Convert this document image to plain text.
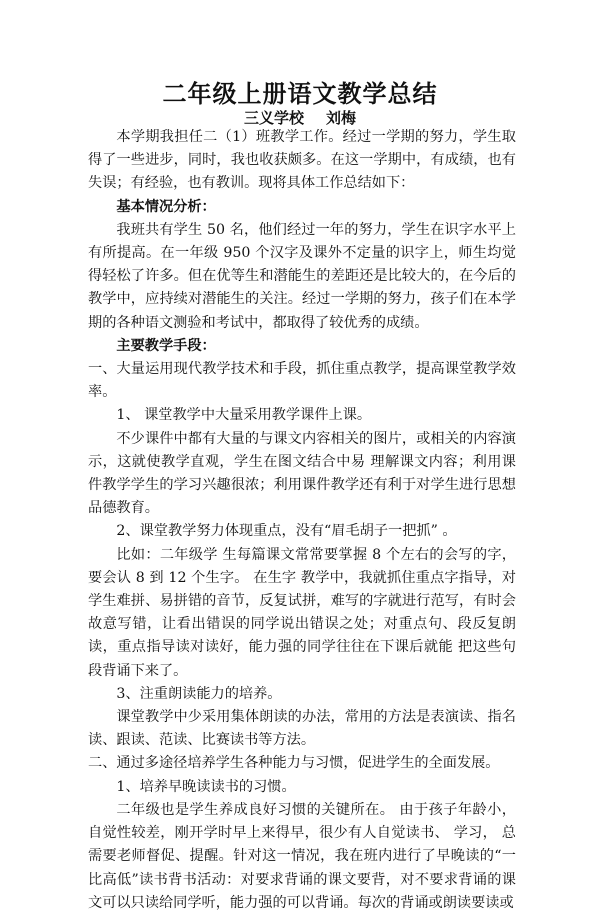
二年级上册语文教学总结
三义学校 刘梅

本学期我担任二（1）班教学工作。经过一学期的努力，学生取得了一些进步，同时，我也收获颇多。在这一学期中，有成绩，也有失误；有经验，也有教训。现将具体工作总结如下：

基本情况分析：

我班共有学生 50 名，他们经过一年的努力，学生在识字水平上有所提高。在一年级 950 个汉字及课外不定量的识字上，师生均觉得轻松了许多。但在优等生和潜能生的差距还是比较大的，在今后的教学中，应持续对潜能生的关注。经过一学期的努力，孩子们在本学期的各种语文测验和考试中，都取得了较优秀的成绩。

主要教学手段：

一、大量运用现代教学技术和手段，抓住重点教学，提高课堂教学效率。

1、 课堂教学中大量采用教学课件上课。

不少课件中都有大量的与课文内容相关的图片，或相关的内容演示，这就使教学直观，学生在图文结合中易 理解课文内容；利用课件教学学生的学习兴趣很浓；利用课件教学还有利于对学生进行思想品德教育。

2、课堂教学努力体现重点，没有“眉毛胡子一把抓” 。

比如：二年级学 生每篇课文常常要掌握 8 个左右的会写的字，要会认 8 到 12 个生字。 在生字 教学中，我就抓住重点字指导，对学生难拼、易拼错的音节，反复试拼，难写的字就进行范写，有时会故意写错，让看出错误的同学说出错误之处；对重点句、段反复朗读，重点指导读对读好，能力强的同学往往在下课后就能 把这些句段背诵下来了。

3、注重朗读能力的培养。

课堂教学中少采用集体朗读的办法，常用的方法是表演读、指名读、跟读、范读、比赛读书等方法。

二、通过多途径培养学生各种能力与习惯，促进学生的全面发展。

1、培养早晚读读书的习惯。

二年级也是学生养成良好习惯的关键所在。 由于孩子年龄小，自觉性较差，刚开学时早上来得早，很少有人自觉读书、 学习， 总需要老师督促、提醒。针对这一情况，我在班内进行了早晚读的“一比高低”读书背书活动：对要求背诵的课文要背，对不要求背诵的课文可以只读给同学听，能力强的可以背诵。每次的背诵或朗读要读或
